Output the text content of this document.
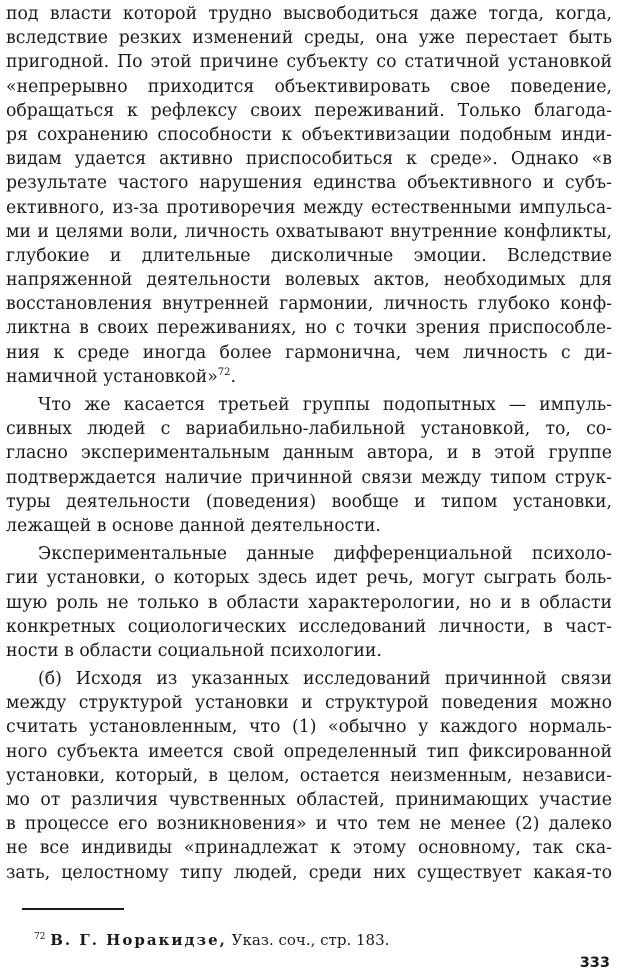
под власти которой трудно высвободиться даже тогда, когда,
вследствие резких изменений среды, она уже перестает быть
пригодной. По этой причине субъекту со статичной установкой
«непрерывно приходится объективировать свое поведение,
обращаться к рефлексу своих переживаний. Только благода-
ря сохранению способности к объективизации подобным инди-
видам удается активно приспособиться к среде». Однако «в
результате частого нарушения единства объективного и субъ-
ективного, из-за противоречия между естественными импульса-
ми и целями воли, личность охватывают внутренние конфликты,
глубокие и длительные дисколичные эмоции. Вследствие
напряженной деятельности волевых актов, необходимых для
восстановления внутренней гармонии, личность глубоко конф-
ликтна в своих переживаниях, но с точки зрения приспособле-
ния к среде иногда более гармонична, чем личность с ди-
намичной установкой»$^{72}$.
Что же касается третьей группы подопытных — импуль-
сивных людей с вариабильно-лабильной установкой, то, со-
гласно экспериментальным данным автора, и в этой группе
подтверждается наличие причинной связи между типом струк-
туры деятельности (поведения) вообще и типом установки,
лежащей в основе данной деятельности.
Экспериментальные данные дифференциальной психоло-
гии установки, о которых здесь идет речь, могут сыграть боль-
шую роль не только в области характерологии, но и в области
конкретных социологических исследований личности, в част-
ности в области социальной психологии.
(б) Исходя из указанных исследований причинной связи
между структурой установки и структурой поведения можно
считать установленным, что (1) «обычно у каждого нормаль-
ного субъекта имеется свой определенный тип фиксированной
установки, который, в целом, остается неизменным, независи-
мо от различия чувственных областей, принимающих участие
в процессе его возникновения» и что тем не менее (2) далеко
не все индивиды «принадлежат к этому основному, так ска-
зать, целостному типу людей, среди них существует какая-то
$^{72}$ В. Г. Норакидзе, Указ. соч., стр. 183.
333
